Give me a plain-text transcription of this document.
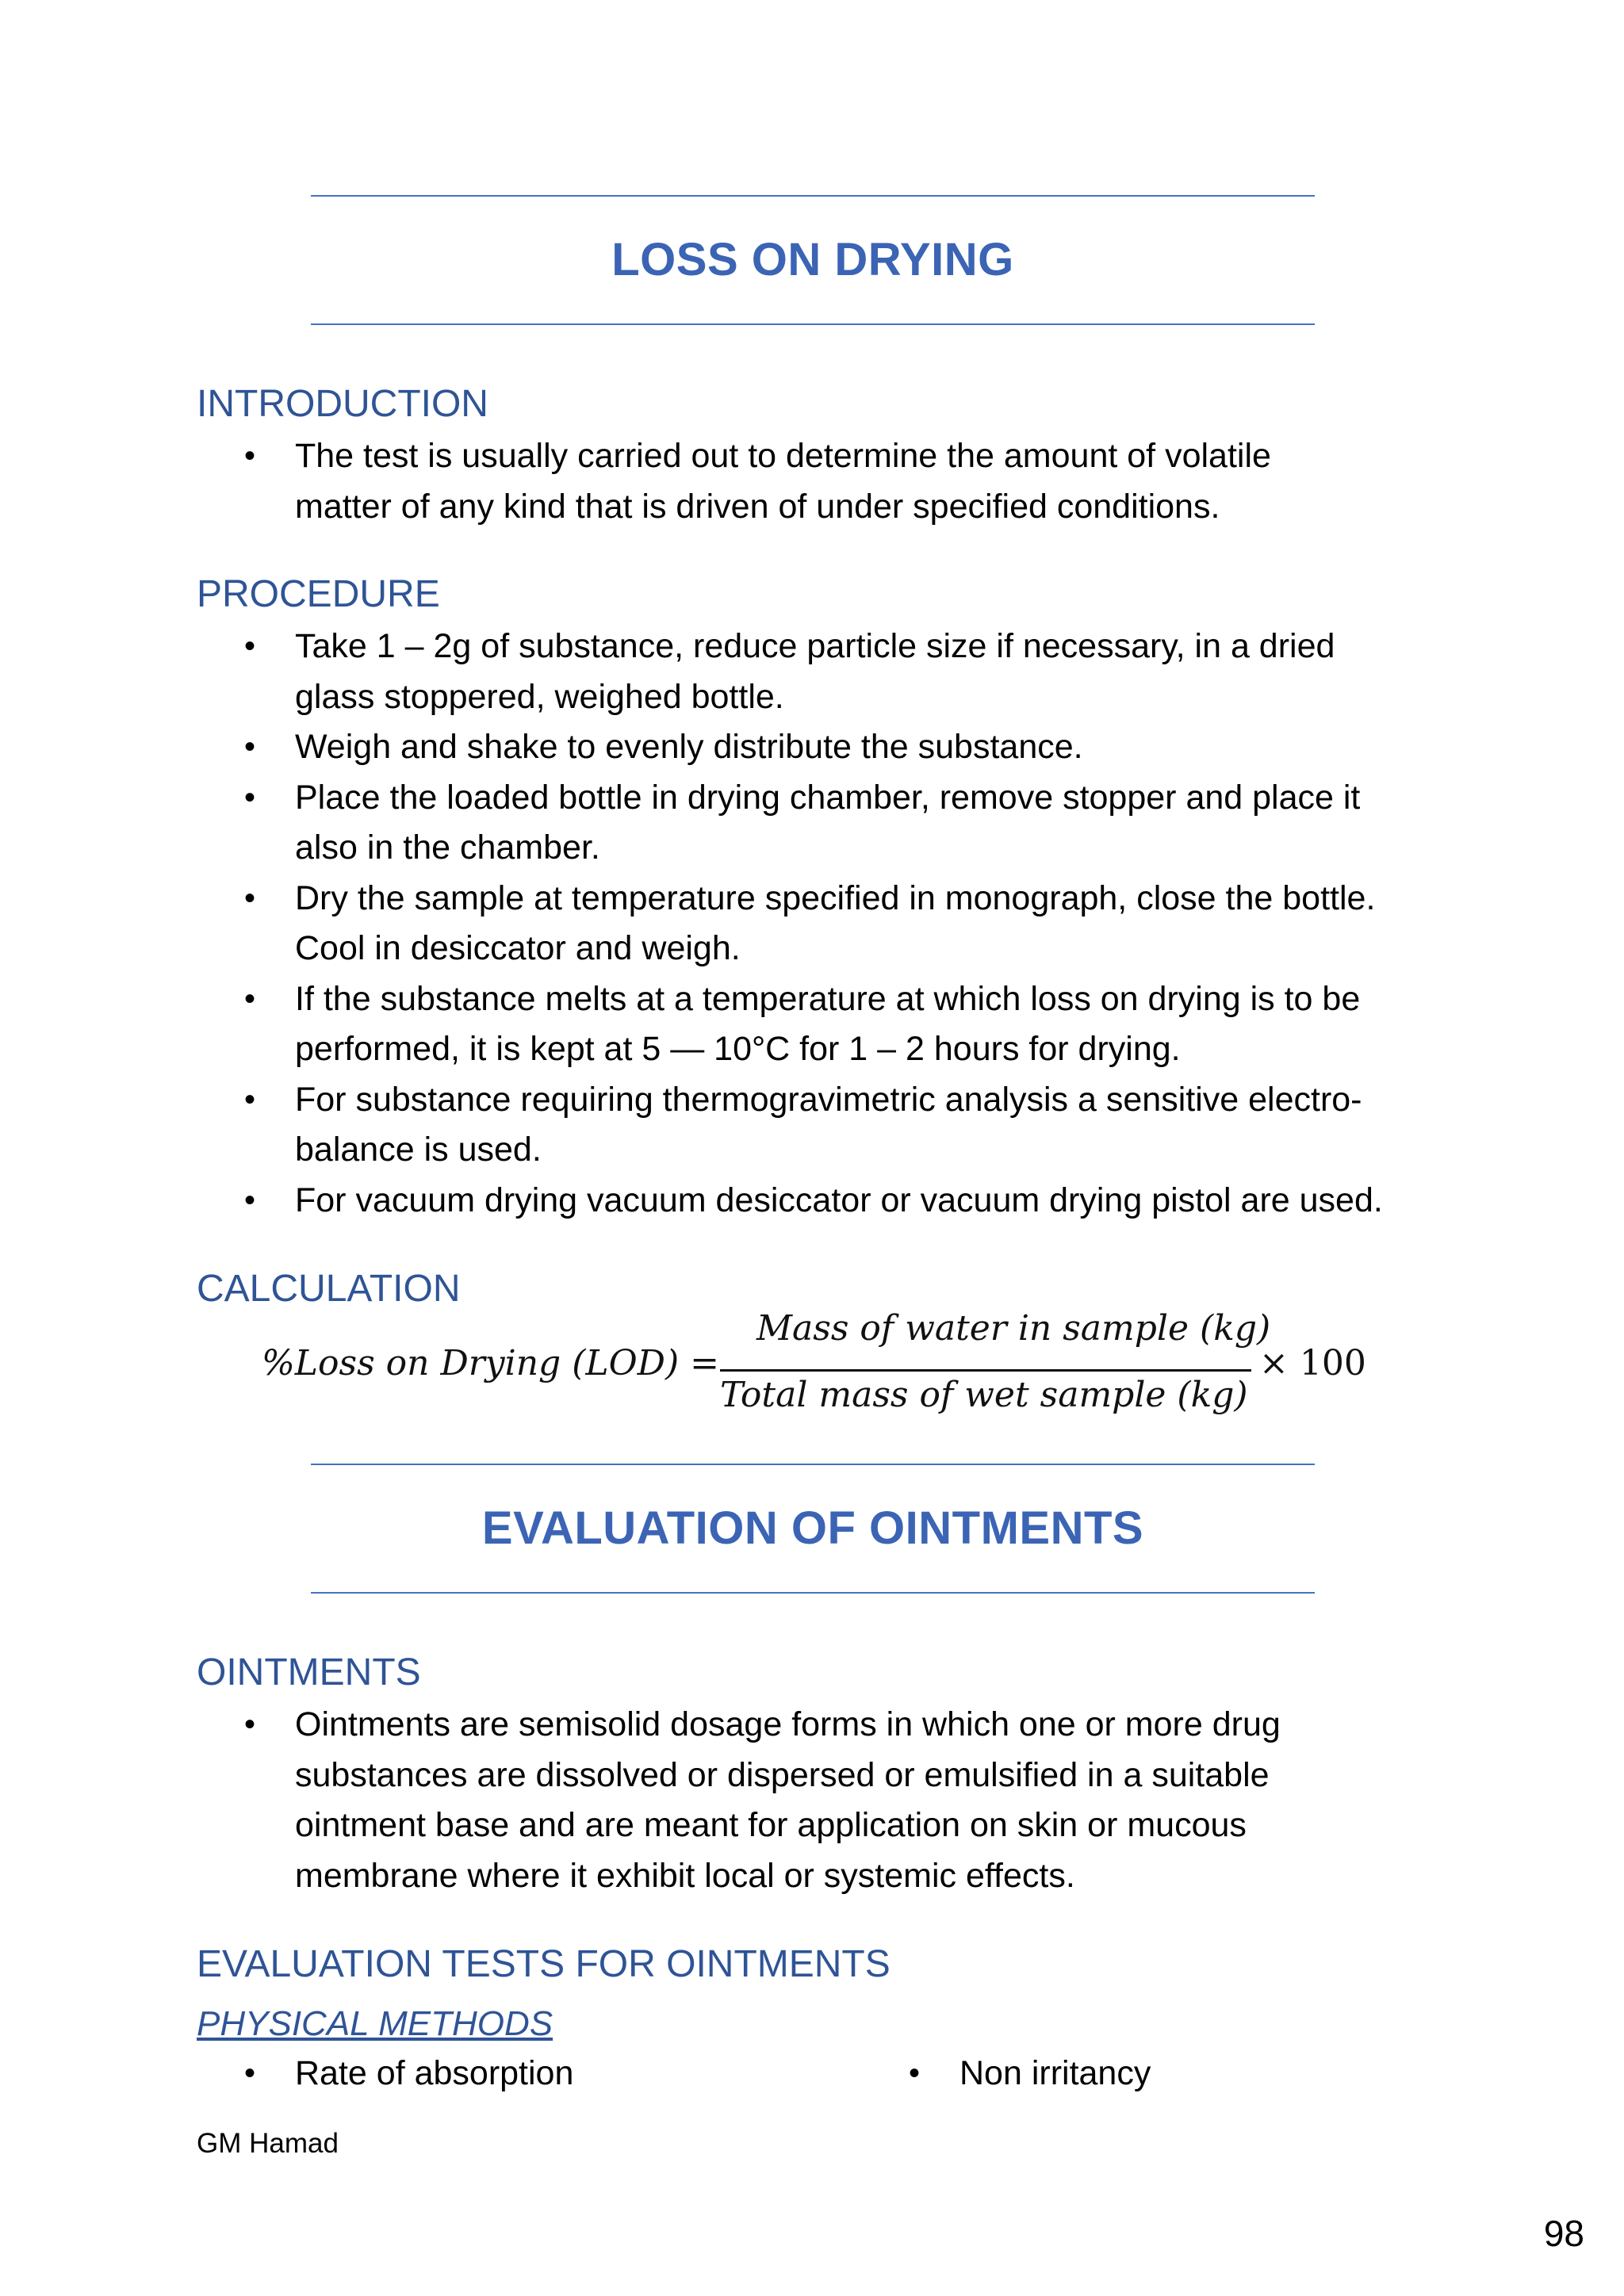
LOSS ON DRYING
INTRODUCTION
• The test is usually carried out to determine the amount of volatile
matter of any kind that is driven of under specified conditions.
PROCEDURE
• Take 1 – 2g of substance, reduce particle size if necessary, in a dried
glass stoppered, weighed bottle.
• Weigh and shake to evenly distribute the substance.
• Place the loaded bottle in drying chamber, remove stopper and place it
also in the chamber.
• Dry the sample at temperature specified in monograph, close the bottle.
Cool in desiccator and weigh.
• If the substance melts at a temperature at which loss on drying is to be
performed, it is kept at 5 — 10°C for 1 – 2 hours for drying.
• For substance requiring thermogravimetric analysis a sensitive electro-
balance is used.
• For vacuum drying vacuum desiccator or vacuum drying pistol are used.
CALCULATION
%Loss on Drying (LOD) =
Mass of water in sample (kg)
Total mass of wet sample (kg)
× 100
EVALUATION OF OINTMENTS
OINTMENTS
• Ointments are semisolid dosage forms in which one or more drug
substances are dissolved or dispersed or emulsified in a suitable
ointment base and are meant for application on skin or mucous
membrane where it exhibit local or systemic effects.
EVALUATION TESTS FOR OINTMENTS
PHYSICAL METHODS
• Rate of absorption
•	Non irritancy
GM Hamad
98
